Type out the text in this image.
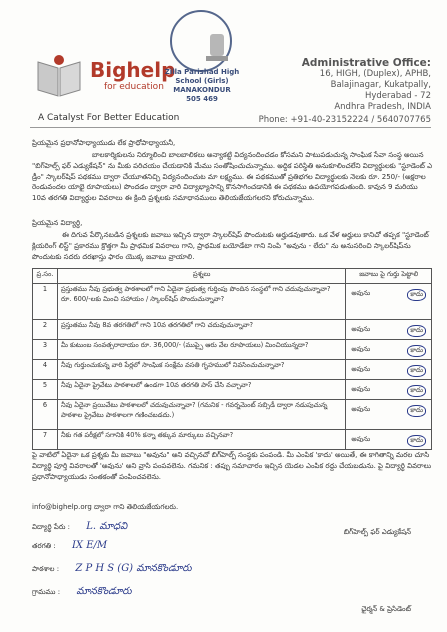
Bighelp
for education
A Catalyst For Better Education
Zilla Parishad High School (Girls)
MANAKONDUR
505 469
Administrative Office:
16, HIGH, (Duplex), APHB,
Balajinagar, Kukatpally,
Hyderabad - 72
Andhra Pradesh, INDIA
Phone: +91-40-23152224 / 5640707765
ప్రియమైన ప్రధానోపాధ్యాయుడు లేక ప్రాధోపాధ్యాయనీ,
బాలకార్మికులను నిర్మూలించి బాలబాలికలు అన్యాకట్టి విద్యనందించడం కోసమని పాటుపడుచున్న సాంఘిక సేవా సంస్థ అయిన "బిగ్‌హెల్ప్ ఫర్ ఎడ్యుకేషన్" ను మీకు పరిచయం చేయడానికి మేము సంతోషించుచున్నాము. అద్దిక పరిస్థితి అనుకూలించలేని విద్యార్థులకు "స్టూడెంట్ ఎ డ్రీం" స్కాలర్‌షిప్ పథకము ద్వారా చేయూతనిచ్చి విద్యనందించుట మా లక్ష్యము. ఈ పథకముతో ప్రతిభగల విద్యార్థులకు నెలకు రూ. 250/- (అక్షరాల రెండువందల యాభై రూపాయలు) పొందడం ద్వారా వారి విద్యాభ్యాసాన్ని కొనసాగించడానికి ఈ పథకము ఉపయోగపడుతుంది. కావున 9 మరియు 10వ తరగతి విద్యార్థుల వివరాలు ఈ క్రింది ప్రశ్నలకు సమాధానములు తెలియజేయగలరని కోరుచున్నాము.
ప్రియమైన విద్యార్థి,
ఈ దిగువ పేర్కొనబడిన ప్రశ్నలకు జవాబు ఇచ్చిన ద్వారా స్కాలర్‌షిప్ పొందుటకు అర్హుడవుతారు. ఒక వేళ అర్హులు కానిచో తప్పక "స్టూడెంట్ క్లియరింగ్ లిస్ట్" ప్రకారము క్రొత్తగా మీ ప్రాథమిక వివరాలు గాని, ప్రాథమిక బయోడేటా గాని నింపి "అవును - లేదు" ను అనుసరించి స్కాలర్‌షిప్‌ను పొందుటకు సదరు దరఖాస్తు ఫారం యొక్క జవాబు వ్రాయాలి.
ప్ర.సం.	ప్రశ్నలు	జవాబు పై గుర్తు పెట్టాలి
1	ప్రస్తుతము నీవు ప్రభుత్వ పాఠశాలలో గాని ఏదైనా ప్రభుత్వ గుర్తింపు పొందిన సంస్థలో గాని చదువుచున్నావా? రూ. 600/-లకు మించి సహాయం / స్కాలర్‌షిప్ పొందుచున్నావా?	అవును కాదు

2	ప్రస్తుతము నీవు 8వ తరగతిలో గాని 10వ తరగతిలో గాని చదువుచున్నావా?	అవును కాదు

3	మీ కుటుంబ సంవత్సరాదాయం రూ. 36,000/- (ముప్పై ఆరు వేల రూపాయలు) మించియున్నదా?	అవును కాదు

4	నీవు గుర్తుంచుకున్న వారి పేర్లలో సాంఘిక సంక్షేమ వసతి గృహములో నివసించుచున్నావా?	అవును కాదు

5	నీవు ఏదైనా ప్రైవేటు పాఠశాలలో ఉండగా 10వ తరగతి పాస్ చేసి వచ్చావా?	అవును కాదు

6	నీవు ఏదైనా ప్రయివేటు పాఠశాలలో చదువుచున్నావా? (గమనిక - గవర్నమెంట్ సబ్సిడీ ద్వారా నడుపుచున్న పాఠశాల ప్రైవేటు పాఠశాలగా గణించబడదు.)	అవును కాదు

7	నీకు గత పరీక్షలో సగానికి 40% కన్నా తక్కువ మార్కులు వచ్చినవా?	అవును కాదు
పై వాటిలో ఏదైనా ఒక ప్రశ్నకు మీ జవాబు "అవును" అని వచ్చినచో బిగ్‌హెల్ప్ సంస్థకు పంపండి. మీ ఎంపిక 'కాదు' అయితే, ఈ కాగితాన్ని మరల చూసి విద్యార్థి పూర్తి వివరాలతో 'అవును' అని వ్రాసి పంపవలెను. గమనిక : తప్పు సమాచారం ఇచ్చిన యెడల ఎంపిక రద్దు చేయబడును. పై విద్యార్థి వివరాలు ప్రధానోపాధ్యాయుడు సంతకంతో పంపించవలెను.
info@bighelp.org ద్వారా గాని తెలియజేయగలరు.
విద్యార్థి పేరు : L. మాధవి
తరగతి : IX E/M
పాఠశాల : Z P H S (G) మానకొండూరు
గ్రామము : మానకొండూరు
బిగ్‌హెల్ప్ ఫర్ ఎడ్యుకేషన్
ఛైర్మన్ & ప్రెసిడెంట్
